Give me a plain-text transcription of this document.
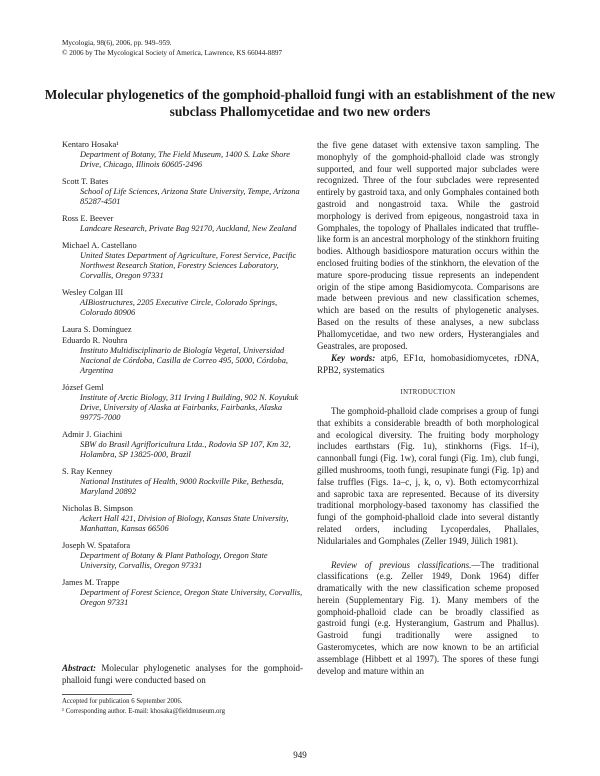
Mycologia, 98(6), 2006, pp. 949–959.
© 2006 by The Mycological Society of America, Lawrence, KS 66044-8897
Molecular phylogenetics of the gomphoid-phalloid fungi with an establishment of the new subclass Phallomycetidae and two new orders
Kentaro Hosaka¹
Department of Botany, The Field Museum, 1400 S. Lake Shore Drive, Chicago, Illinois 60605-2496
Scott T. Bates
School of Life Sciences, Arizona State University, Tempe, Arizona 85287-4501
Ross E. Beever
Landcare Research, Private Bag 92170, Auckland, New Zealand
Michael A. Castellano
United States Department of Agriculture, Forest Service, Pacific Northwest Research Station, Forestry Sciences Laboratory, Corvallis, Oregon 97331
Wesley Colgan III
AIBiostructures, 2205 Executive Circle, Colorado Springs, Colorado 80906
Laura S. Domínguez
Eduardo R. Nouhra
Instituto Multidisciplinario de Biología Vegetal, Universidad Nacional de Córdoba, Casilla de Correo 495, 5000, Córdoba, Argentina
József Geml
Institute of Arctic Biology, 311 Irving I Building, 902 N. Koyukuk Drive, University of Alaska at Fairbanks, Fairbanks, Alaska 99775-7000
Admir J. Giachini
SBW do Brasil Agrifloricultura Ltda., Rodovia SP 107, Km 32, Holambra, SP 13825-000, Brazil
S. Ray Kenney
National Institutes of Health, 9000 Rockville Pike, Bethesda, Maryland 20892
Nicholas B. Simpson
Ackert Hall 421, Division of Biology, Kansas State University, Manhattan, Kansas 66506
Joseph W. Spatafora
Department of Botany & Plant Pathology, Oregon State University, Corvallis, Oregon 97331
James M. Trappe
Department of Forest Science, Oregon State University, Corvallis, Oregon 97331
Abstract: Molecular phylogenetic analyses for the gomphoid-phalloid fungi were conducted based on
Accepted for publication 6 September 2006.
¹ Corresponding author. E-mail: khosaka@fieldmuseum.org

the five gene dataset with extensive taxon sampling. The monophyly of the gomphoid-phalloid clade was strongly supported, and four well supported major subclades were recognized. Three of the four subclades were represented entirely by gastroid taxa, and only Gomphales contained both gastroid and nongastroid taxa. While the gastroid morphology is derived from epigeous, nongastroid taxa in Gomphales, the topology of Phallales indicated that truffle-like form is an ancestral morphology of the stinkhorn fruiting bodies. Although basidiospore maturation occurs within the enclosed fruiting bodies of the stinkhorn, the elevation of the mature spore-producing tissue represents an independent origin of the stipe among Basidiomycota. Comparisons are made between previous and new classification schemes, which are based on the results of phylogenetic analyses. Based on the results of these analyses, a new subclass Phallomycetidae, and two new orders, Hysterangiales and Geastrales, are proposed.

Key words: atp6, EF1α, homobasidiomycetes, rDNA, RPB2, systematics

INTRODUCTION

The gomphoid-phalloid clade comprises a group of fungi that exhibits a considerable breadth of both morphological and ecological diversity. The fruiting body morphology includes earthstars (Fig. 1u), stinkhorns (Figs. 1f–i), cannonball fungi (Fig. 1w), coral fungi (Fig. 1m), club fungi, gilled mushrooms, tooth fungi, resupinate fungi (Fig. 1p) and false truffles (Figs. 1a–c, j, k, o, v). Both ectomycorrhizal and saprobic taxa are represented. Because of its diversity traditional morphology-based taxonomy has classified the fungi of the gomphoid-phalloid clade into several distantly related orders, including Lycoperdales, Phallales, Nidulariales and Gomphales (Zeller 1949, Jülich 1981).

Review of previous classifications.—The traditional classifications (e.g. Zeller 1949, Donk 1964) differ dramatically with the new classification scheme proposed herein (Supplementary Fig. 1). Many members of the gomphoid-phalloid clade can be broadly classified as gastroid fungi (e.g. Hysterangium, Gastrum and Phallus). Gastroid fungi traditionally were assigned to Gasteromycetes, which are now known to be an artificial assemblage (Hibbett et al 1997). The spores of these fungi develop and mature within an

949
